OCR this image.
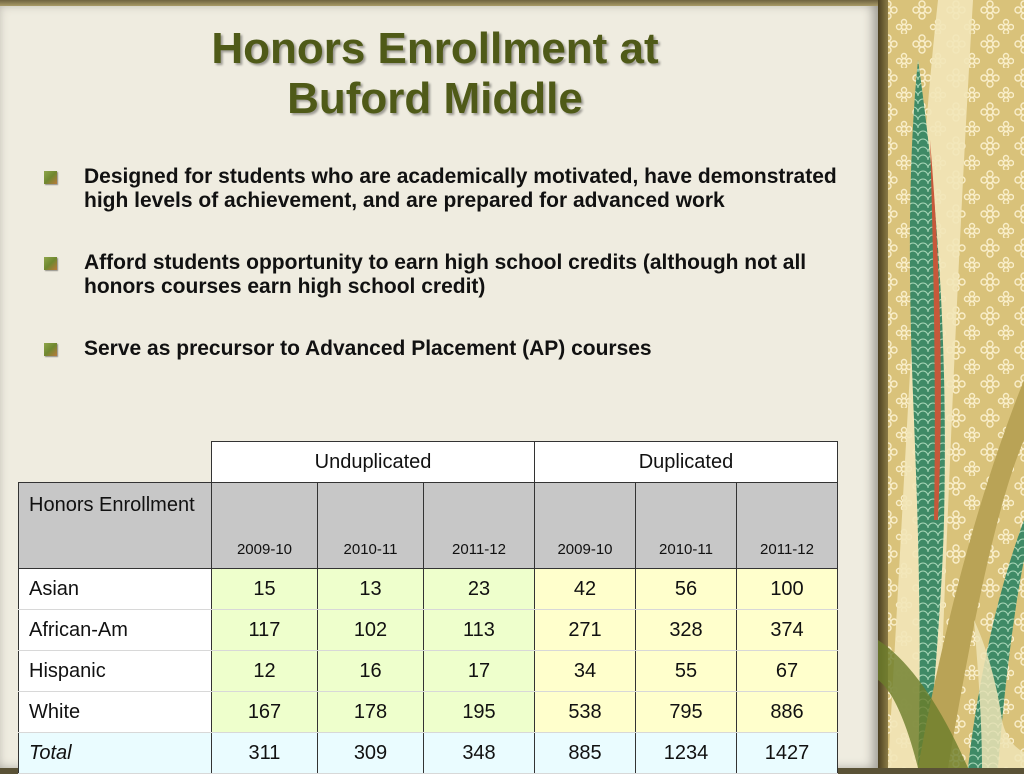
Honors Enrollment at
Buford Middle
Designed for students who are academically motivated, have demonstrated high levels of achievement, and are prepared for advanced work
Afford students opportunity to earn high school credits (although not all honors courses earn high school credit)
Serve as precursor to Advanced Placement (AP) courses
	Unduplicated			Duplicated		
Honors Enrollment	2009-10	2010-11	2011-12	2009-10	2010-11	2011-12
Asian	15	13	23	42	56	100
African-Am	117	102	113	271	328	374
Hispanic	12	16	17	34	55	67
White	167	178	195	538	795	886
Total	311	309	348	885	1234	1427
